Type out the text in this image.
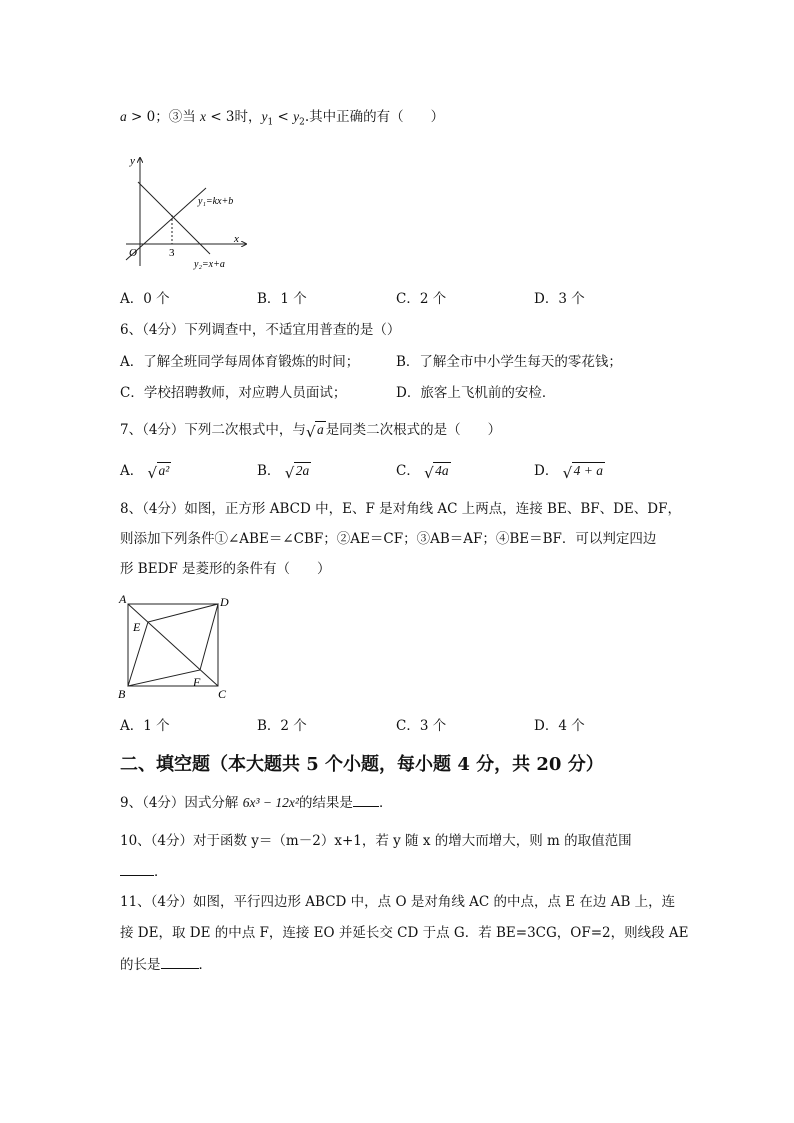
a > 0；③当 x < 3时，$y_1 < y_2$.其中正确的有（　　）
y
x
O	3
y₁=kx+b
y₂=x+a
A．0 个	B．1 个	C．2 个	D．3 个
6、（4分）下列调查中，不适宜用普查的是（）
A．了解全班同学每周体育锻炼的时间；	B．了解全市中小学生每天的零花钱；
C．学校招聘教师，对应聘人员面试；	D．旅客上飞机前的安检．
7、（4分）下列二次根式中，与 √ a 是同类二次根式的是（　　）
A． √ a²	B． √ 2a	C． √ 4a	D． √ 4 + a
8、（4分）如图，正方形 ABCD 中，E、F 是对角线 AC 上两点，连接 BE、BF、DE、DF，
则添加下列条件①∠ABE＝∠CBF；②AE＝CF；③AB＝AF；④BE＝BF．可以判定四边
形 BEDF 是菱形的条件有（　　）
A	D
E
F
B	C
A．1 个	B．2 个	C．3 个	D．4 个
二、填空题（本大题共 5 个小题，每小题 4 分，共 20 分）
9、（4分）因式分解 6x³ − 12x²的结果是 ．
10、（4分）对于函数 y＝（m－2）x+1，若 y 随 x 的增大而增大，则 m 的取值范围
．
11、（4分）如图，平行四边形 ABCD 中，点 O 是对角线 AC 的中点，点 E 在边 AB 上，连
接 DE，取 DE 的中点 F，连接 EO 并延长交 CD 于点 G．若 BE=3CG，OF=2，则线段 AE
的长是	．
